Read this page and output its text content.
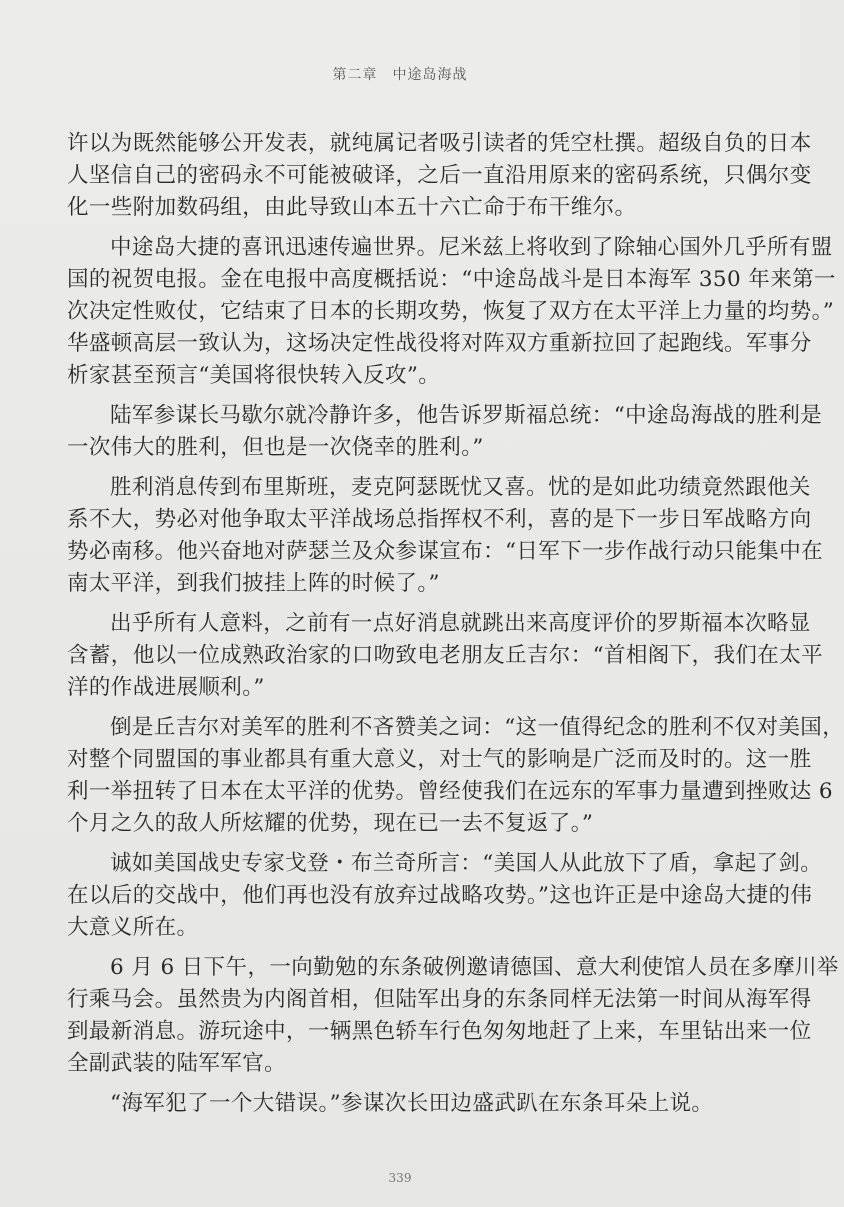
第二章　中途岛海战
许以为既然能够公开发表，就纯属记者吸引读者的凭空杜撰。超级自负的日本
人坚信自己的密码永不可能被破译，之后一直沿用原来的密码系统，只偶尔变
化一些附加数码组，由此导致山本五十六亡命于布干维尔。
中途岛大捷的喜讯迅速传遍世界。尼米兹上将收到了除轴心国外几乎所有盟
国的祝贺电报。金在电报中高度概括说：“中途岛战斗是日本海军 350 年来第一
次决定性败仗，它结束了日本的长期攻势，恢复了双方在太平洋上力量的均势。”
华盛顿高层一致认为，这场决定性战役将对阵双方重新拉回了起跑线。军事分
析家甚至预言“美国将很快转入反攻”。
陆军参谋长马歇尔就冷静许多，他告诉罗斯福总统：“中途岛海战的胜利是
一次伟大的胜利，但也是一次侥幸的胜利。”
胜利消息传到布里斯班，麦克阿瑟既忧又喜。忧的是如此功绩竟然跟他关
系不大，势必对他争取太平洋战场总指挥权不利，喜的是下一步日军战略方向
势必南移。他兴奋地对萨瑟兰及众参谋宣布：“日军下一步作战行动只能集中在
南太平洋，到我们披挂上阵的时候了。”
出乎所有人意料，之前有一点好消息就跳出来高度评价的罗斯福本次略显
含蓄，他以一位成熟政治家的口吻致电老朋友丘吉尔：“首相阁下，我们在太平
洋的作战进展顺利。”
倒是丘吉尔对美军的胜利不吝赞美之词：“这一值得纪念的胜利不仅对美国，
对整个同盟国的事业都具有重大意义，对士气的影响是广泛而及时的。这一胜
利一举扭转了日本在太平洋的优势。曾经使我们在远东的军事力量遭到挫败达 6
个月之久的敌人所炫耀的优势，现在已一去不复返了。”
诚如美国战史专家戈登・布兰奇所言：“美国人从此放下了盾，拿起了剑。
在以后的交战中，他们再也没有放弃过战略攻势。”这也许正是中途岛大捷的伟
大意义所在。
6 月 6 日下午，一向勤勉的东条破例邀请德国、意大利使馆人员在多摩川举
行乘马会。虽然贵为内阁首相，但陆军出身的东条同样无法第一时间从海军得
到最新消息。游玩途中，一辆黑色轿车行色匆匆地赶了上来，车里钻出来一位
全副武装的陆军军官。
“海军犯了一个大错误。”参谋次长田边盛武趴在东条耳朵上说。
339
